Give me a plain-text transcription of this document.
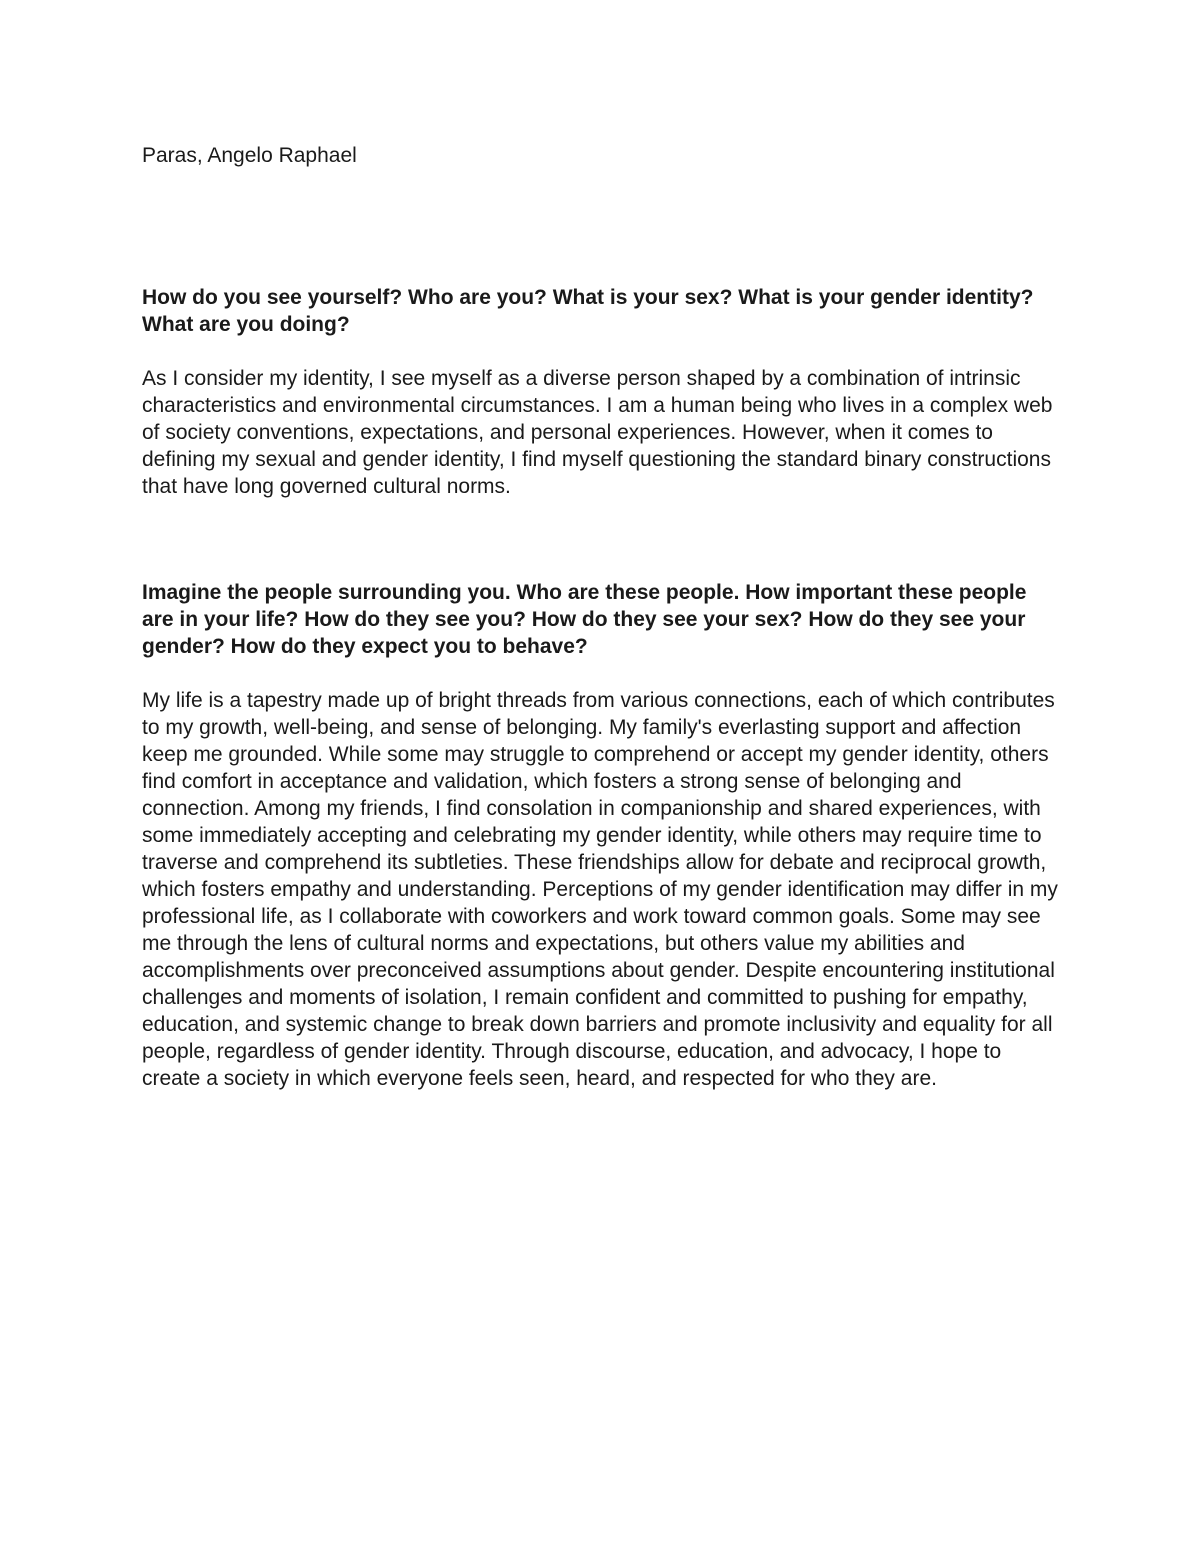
Paras, Angelo Raphael

How do you see yourself? Who are you? What is your sex? What is your gender identity? What are you doing?

As I consider my identity, I see myself as a diverse person shaped by a combination of intrinsic characteristics and environmental circumstances. I am a human being who lives in a complex web of society conventions, expectations, and personal experiences. However, when it comes to defining my sexual and gender identity, I find myself questioning the standard binary constructions that have long governed cultural norms.

Imagine the people surrounding you. Who are these people. How important these people are in your life? How do they see you? How do they see your sex? How do they see your gender? How do they expect you to behave?

My life is a tapestry made up of bright threads from various connections, each of which contributes to my growth, well-being, and sense of belonging. My family's everlasting support and affection keep me grounded. While some may struggle to comprehend or accept my gender identity, others find comfort in acceptance and validation, which fosters a strong sense of belonging and connection. Among my friends, I find consolation in companionship and shared experiences, with some immediately accepting and celebrating my gender identity, while others may require time to traverse and comprehend its subtleties. These friendships allow for debate and reciprocal growth, which fosters empathy and understanding. Perceptions of my gender identification may differ in my professional life, as I collaborate with coworkers and work toward common goals. Some may see me through the lens of cultural norms and expectations, but others value my abilities and accomplishments over preconceived assumptions about gender. Despite encountering institutional challenges and moments of isolation, I remain confident and committed to pushing for empathy, education, and systemic change to break down barriers and promote inclusivity and equality for all people, regardless of gender identity. Through discourse, education, and advocacy, I hope to create a society in which everyone feels seen, heard, and respected for who they are.
